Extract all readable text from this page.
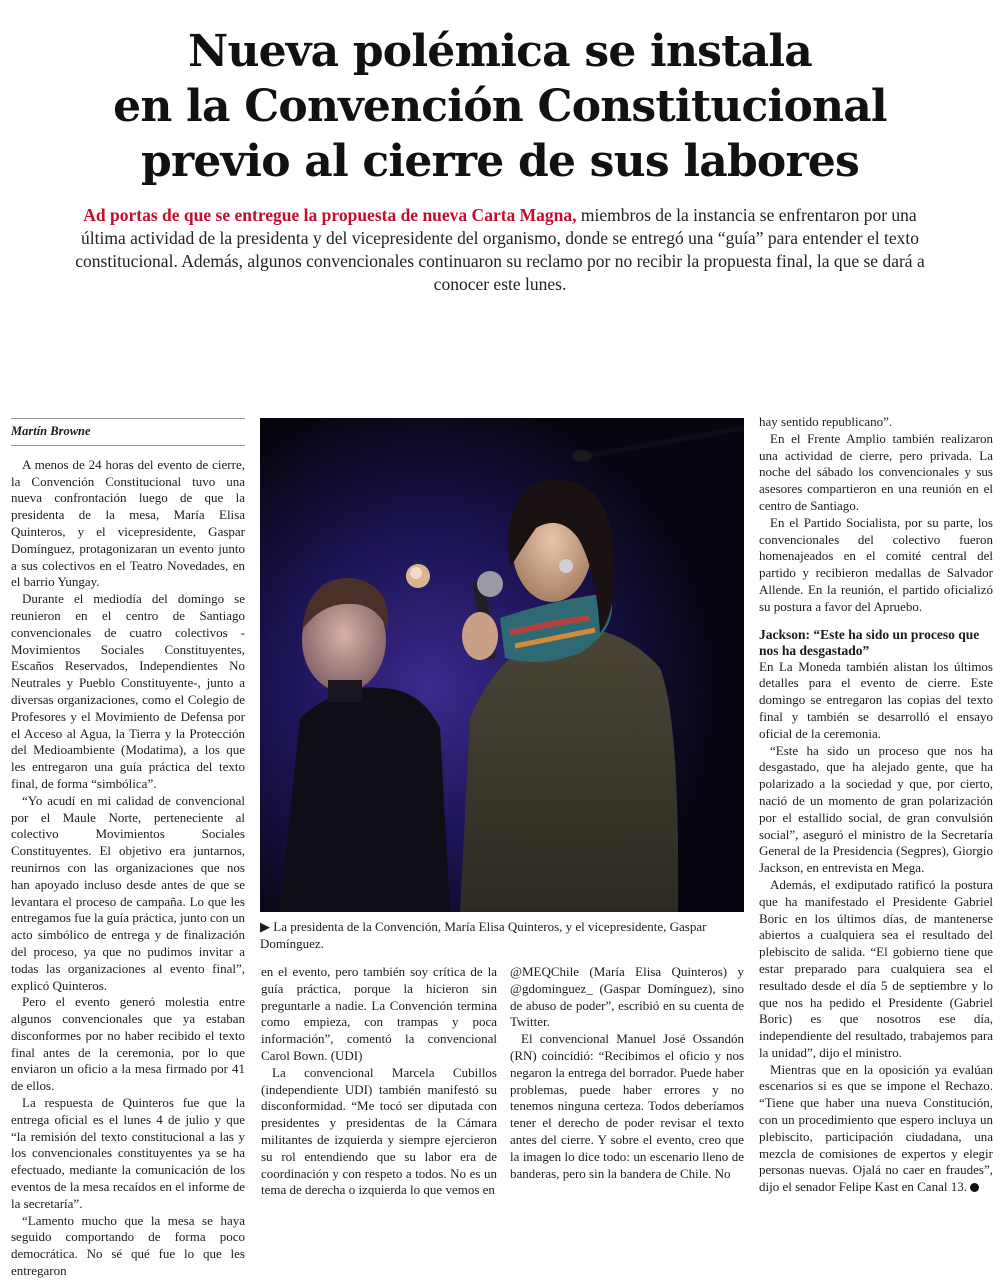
Nueva polémica se instala
en la Convención Constitucional
previo al cierre de sus labores
Ad portas de que se entregue la propuesta de nueva Carta Magna, miembros de la instancia se enfrentaron por una última actividad de la presidenta y del vicepresidente del organismo, donde se entregó una “guía” para entender el texto constitucional. Además, algunos convencionales continuaron su reclamo por no recibir la propuesta final, la que se dará a conocer este lunes.
Martín Browne

A menos de 24 horas del evento de cierre, la Convención Constitucional tuvo una nueva confrontación luego de que la presidenta de la mesa, María Elisa Quinteros, y el vicepresidente, Gaspar Domínguez, protagonizaran un evento junto a sus colectivos en el Teatro Novedades, en el barrio Yungay.

Durante el mediodía del domingo se reunieron en el centro de Santiago convencionales de cuatro colectivos -Movimientos Sociales Constituyentes, Escaños Reservados, Independientes No Neutrales y Pueblo Constituyente-, junto a diversas organizaciones, como el Colegio de Profesores y el Movimiento de Defensa por el Acceso al Agua, la Tierra y la Protección del Medioambiente (Modatima), a los que les entregaron una guía práctica del texto final, de forma “simbólica”.

“Yo acudí en mi calidad de convencional por el Maule Norte, perteneciente al colectivo Movimientos Sociales Constituyentes. El objetivo era juntarnos, reunirnos con las organizaciones que nos han apoyado incluso desde antes de que se levantara el proceso de campaña. Lo que les entregamos fue la guía práctica, junto con un acto simbólico de entrega y de finalización del proceso, ya que no pudimos invitar a todas las organizaciones al evento final”, explicó Quinteros.

Pero el evento generó molestia entre algunos convencionales que ya estaban disconformes por no haber recibido el texto final antes de la ceremonia, por lo que enviaron un oficio a la mesa firmado por 41 de ellos.

La respuesta de Quinteros fue que la entrega oficial es el lunes 4 de julio y que “la remisión del texto constitucional a las y los convencionales constituyentes ya se ha efectuado, mediante la comunicación de los eventos de la mesa recaídos en el informe de la secretaría”.

“Lamento mucho que la mesa se haya seguido comportando de forma poco democrática. No sé qué fue lo que les entregaron

▶ La presidenta de la Convención, María Elisa Quinteros, y el vicepresidente, Gaspar Domínguez.

en el evento, pero también soy crítica de la guía práctica, porque la hicieron sin preguntarle a nadie. La Convención termina como empieza, con trampas y poca información”, comentó la convencional Carol Bown. (UDI)

La convencional Marcela Cubillos (independiente UDI) también manifestó su disconformidad. “Me tocó ser diputada con presidentes y presidentas de la Cámara militantes de izquierda y siempre ejercieron su rol entendiendo que su labor era de coordinación y con respeto a todos. No es un tema de derecha o izquierda lo que vemos en

@MEQChile (María Elisa Quinteros) y @gdominguez_ (Gaspar Domínguez), sino de abuso de poder”, escribió en su cuenta de Twitter.

El convencional Manuel José Ossandón (RN) coincidió: “Recibimos el oficio y nos negaron la entrega del borrador. Puede haber problemas, puede haber errores y no tenemos ninguna certeza. Todos deberíamos tener el derecho de poder revisar el texto antes del cierre. Y sobre el evento, creo que la imagen lo dice todo: un escenario lleno de banderas, pero sin la bandera de Chile. No

hay sentido republicano”.

En el Frente Amplio también realizaron una actividad de cierre, pero privada. La noche del sábado los convencionales y sus asesores compartieron en una reunión en el centro de Santiago.

En el Partido Socialista, por su parte, los convencionales del colectivo fueron homenajeados en el comité central del partido y recibieron medallas de Salvador Allende. En la reunión, el partido oficializó su postura a favor del Apruebo.

Jackson: “Este ha sido un proceso que nos ha desgastado”

En La Moneda también alistan los últimos detalles para el evento de cierre. Este domingo se entregaron las copias del texto final y también se desarrolló el ensayo oficial de la ceremonia.

“Este ha sido un proceso que nos ha desgastado, que ha alejado gente, que ha polarizado a la sociedad y que, por cierto, nació de un momento de gran polarización por el estallido social, de gran convulsión social”, aseguró el ministro de la Secretaría General de la Presidencia (Segpres), Giorgio Jackson, en entrevista en Mega.

Además, el exdiputado ratificó la postura que ha manifestado el Presidente Gabriel Boric en los últimos días, de mantenerse abiertos a cualquiera sea el resultado del plebiscito de salida. “El gobierno tiene que estar preparado para cualquiera sea el resultado desde el día 5 de septiembre y lo que nos ha pedido el Presidente (Gabriel Boric) es que nosotros ese día, independiente del resultado, trabajemos para la unidad”, dijo el ministro.

Mientras que en la oposición ya evalúan escenarios si es que se impone el Rechazo. “Tiene que haber una nueva Constitución, con un procedimiento que espero incluya un plebiscito, participación ciudadana, una mezcla de comisiones de expertos y elegir personas nuevas. Ojalá no caer en fraudes”, dijo el senador Felipe Kast en Canal 13.
